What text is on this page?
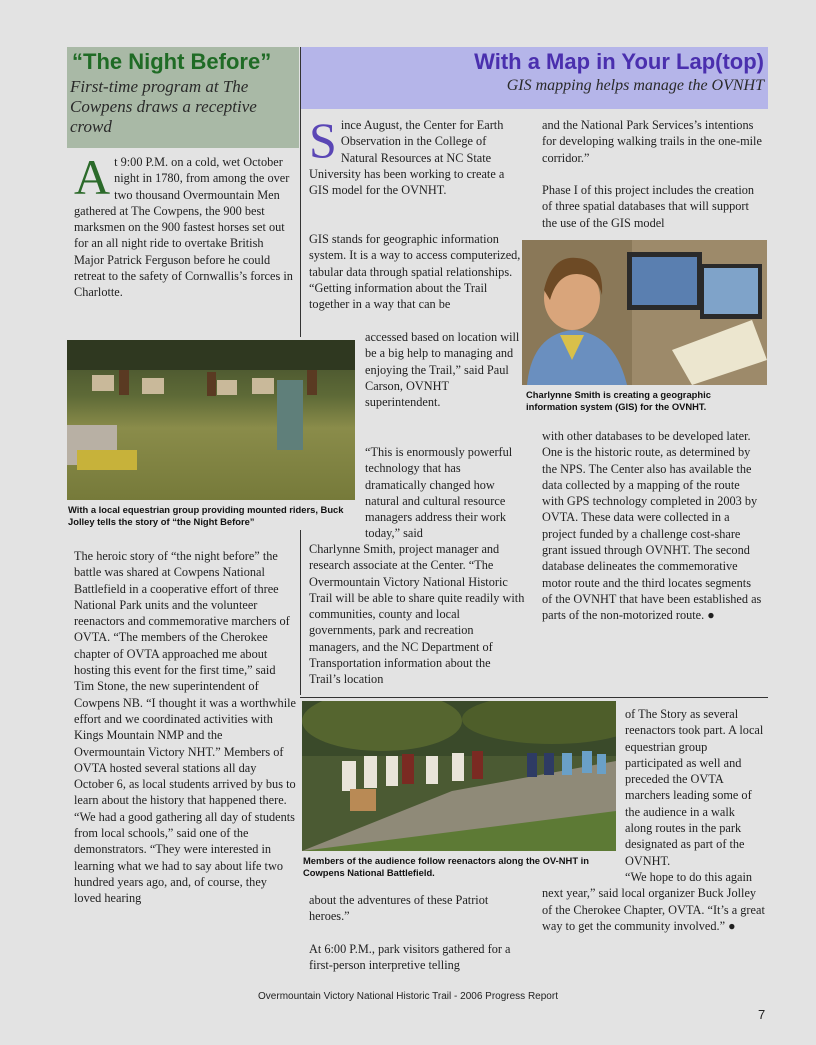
“The Night Before”
First-time program at The Cowpens draws a receptive crowd
With a Map in Your Lap(top)
GIS mapping helps manage the OVNHT
A t 9:00 P.M. on a cold, wet October night in 1780, from among the over two thousand Overmountain Men gathered at The Cowpens, the 900 best marksmen on the 900 fastest horses set out for an all night ride to overtake British Major Patrick Ferguson before he could retreat to the safety of Cornwallis’s forces in Charlotte.
With a local equestrian group providing mounted riders, Buck Jolley tells the story of “the Night Before”
The heroic story of “the night before” the battle was shared at Cowpens National Battlefield in a cooperative effort of three National Park units and the volunteer reenactors and commemorative marchers of OVTA. “The members of the Cherokee chapter of OVTA approached me about hosting this event for the first time,” said Tim Stone, the new superintendent of Cowpens NB. “I thought it was a worthwhile effort and we coordinated activities with Kings Mountain NMP and the Overmountain Victory NHT.” Members of OVTA hosted several stations all day October 6, as local students arrived by bus to learn about the history that happened there. “We had a good gathering all day of students from local schools,” said one of the demonstrators. “They were interested in learning what we had to say about life two hundred years ago, and, of course, they loved hearing
S ince August, the Center for Earth Observation in the College of Natural Resources at NC State University has been working to create a GIS model for the OVNHT.
GIS stands for geographic information system. It is a way to access computerized, tabular data through spatial relationships. “Getting information about the Trail together in a way that can be
accessed based on location will be a big help to managing and enjoying the Trail,” said Paul Carson, OVNHT superintendent.
“This is enormously powerful technology that has dramatically changed how natural and cultural resource managers address their work today,” said
Charlynne Smith, project manager and research associate at the Center. “The Overmountain Victory National Historic Trail will be able to share quite readily with communities, county and local governments, park and recreation managers, and the NC Department of Transportation information about the Trail’s location
and the National Park Services’s intentions for developing walking trails in the one-mile corridor.”
Phase I of this project includes the creation of three spatial databases that will support the use of the GIS model
Charlynne Smith is creating a geographic information system (GIS) for the OVNHT.
with other databases to be developed later. One is the historic route, as determined by the NPS. The Center also has available the data collected by a mapping of the route with GPS technology completed in 2003 by OVTA. These data were collected in a project funded by a challenge cost-share grant issued through OVNHT. The second database delineates the commemorative motor route and the third locates segments of the OVNHT that have been established as parts of the non-motorized route. ●
Members of the audience follow reenactors along the OV-NHT in Cowpens National Battlefield.
about the adventures of these Patriot heroes.”
At 6:00 P.M., park visitors gathered for a first-person interpretive telling
of The Story as several reenactors took part. A local equestrian group participated as well and preceded the OVTA marchers leading some of the audience in a walk along routes in the park designated as part of the OVNHT.
“We hope to do this again next year,” said local organizer Buck Jolley of the Cherokee Chapter, OVTA. “It’s a great way to get the community involved.” ●
Overmountain Victory National Historic Trail - 2006 Progress Report
7
